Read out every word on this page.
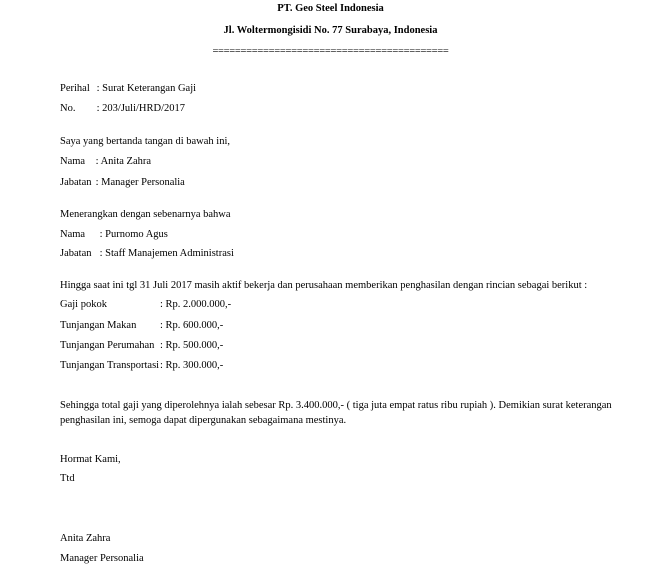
PT. Geo Steel Indonesia
Jl. Woltermongisidi No. 77 Surabaya, Indonesia
==========================================
Perihal : Surat Keterangan Gaji
No. : 203/Juli/HRD/2017
Saya yang bertanda tangan di bawah ini,
Nama : Anita Zahra
Jabatan : Manager Personalia
Menerangkan dengan sebenarnya bahwa
Nama : Purnomo Agus
Jabatan : Staff Manajemen Administrasi
Hingga saat ini tgl 31 Juli 2017 masih aktif bekerja dan perusahaan memberikan penghasilan dengan rincian sebagai berikut :
Gaji pokok	: Rp. 2.000.000,-
Tunjangan Makan : Rp. 600.000,-
Tunjangan Perumahan : Rp. 500.000,-
Tunjangan Transportasi : Rp. 300.000,-
Sehingga total gaji yang diperolehnya ialah sebesar Rp. 3.400.000,- ( tiga juta empat ratus ribu rupiah ). Demikian surat keterangan penghasilan ini, semoga dapat dipergunakan sebagaimana mestinya.
Hormat Kami,
Ttd
Anita Zahra
Manager Personalia
